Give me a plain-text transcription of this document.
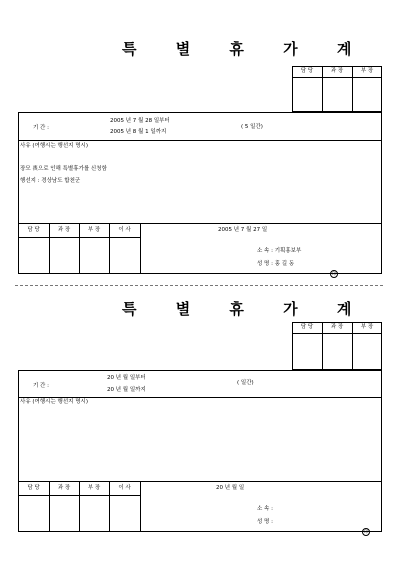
특 별 휴 가 계
담 당	과 장	부 장
기 간 :
2005 년 7 월 28 일부터
2005 년 8 월 1 일까지
( 5 일간)
사유 (여행시는 행선지 명시)
장모 喪으로 인해 특별휴가를 신청함
행선지 : 경상남도 합천군
담 당	과 장	부 장	이 사	2005 년 7 월 27 일
소 속 : 기획홍보부
성 명 : 홍 길 동
印
특 별 휴 가 계
담 당	과 장	부 장
기 간 :
20 년 월 일부터
20 년 월 일까지
( 일간)
사유 (여행시는 행선지 명시)
담 당	과 장	부 장	이 사	20 년 월 일
소 속 :
성 명 :
印
